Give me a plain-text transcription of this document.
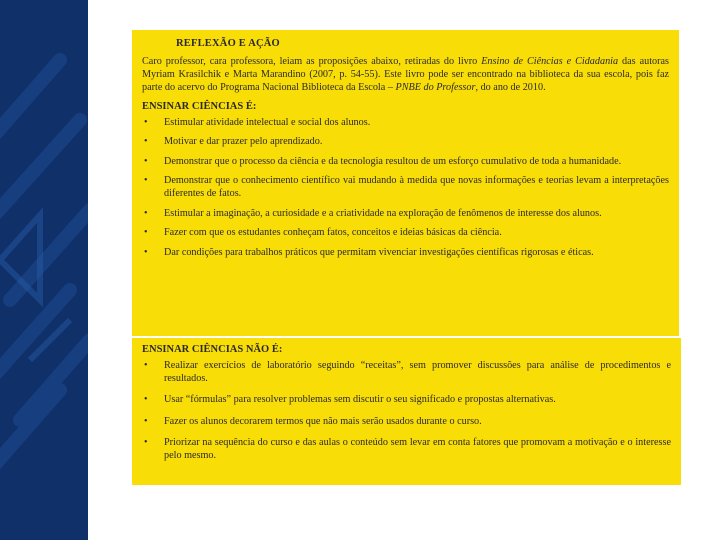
REFLEXÃO E AÇÃO

Caro professor, cara professora, leiam as proposições abaixo, retiradas do livro Ensino de Ciências e Cidadania das autoras Myriam Krasilchik e Marta Marandino (2007, p. 54-55). Este livro pode ser encontrado na biblioteca da sua escola, pois faz parte do acervo do Programa Nacional Biblioteca da Escola – PNBE do Professor, do ano de 2010.

ENSINAR CIÊNCIAS É:
• Estimular atividade intelectual e social dos alunos.
• Motivar e dar prazer pelo aprendizado.
• Demonstrar que o processo da ciência e da tecnologia resultou de um esforço cumulativo de toda a humanidade.
• Demonstrar que o conhecimento científico vai mudando à medida que novas informações e teorias levam a interpretações diferentes de fatos.
• Estimular a imaginação, a curiosidade e a criatividade na exploração de fenômenos de interesse dos alunos.
• Fazer com que os estudantes conheçam fatos, conceitos e ideias básicas da ciência.
• Dar condições para trabalhos práticos que permitam vivenciar investigações científicas rigorosas e éticas.
ENSINAR CIÊNCIAS NÃO É:
• Realizar exercícios de laboratório seguindo “receitas”, sem promover discussões para análise de procedimentos e resultados.
• Usar “fórmulas” para resolver problemas sem discutir o seu significado e propostas alternativas.
• Fazer os alunos decorarem termos que não mais serão usados durante o curso.
• Priorizar na sequência do curso e das aulas o conteúdo sem levar em conta fatores que promovam a motivação e o interesse pelo mesmo.
